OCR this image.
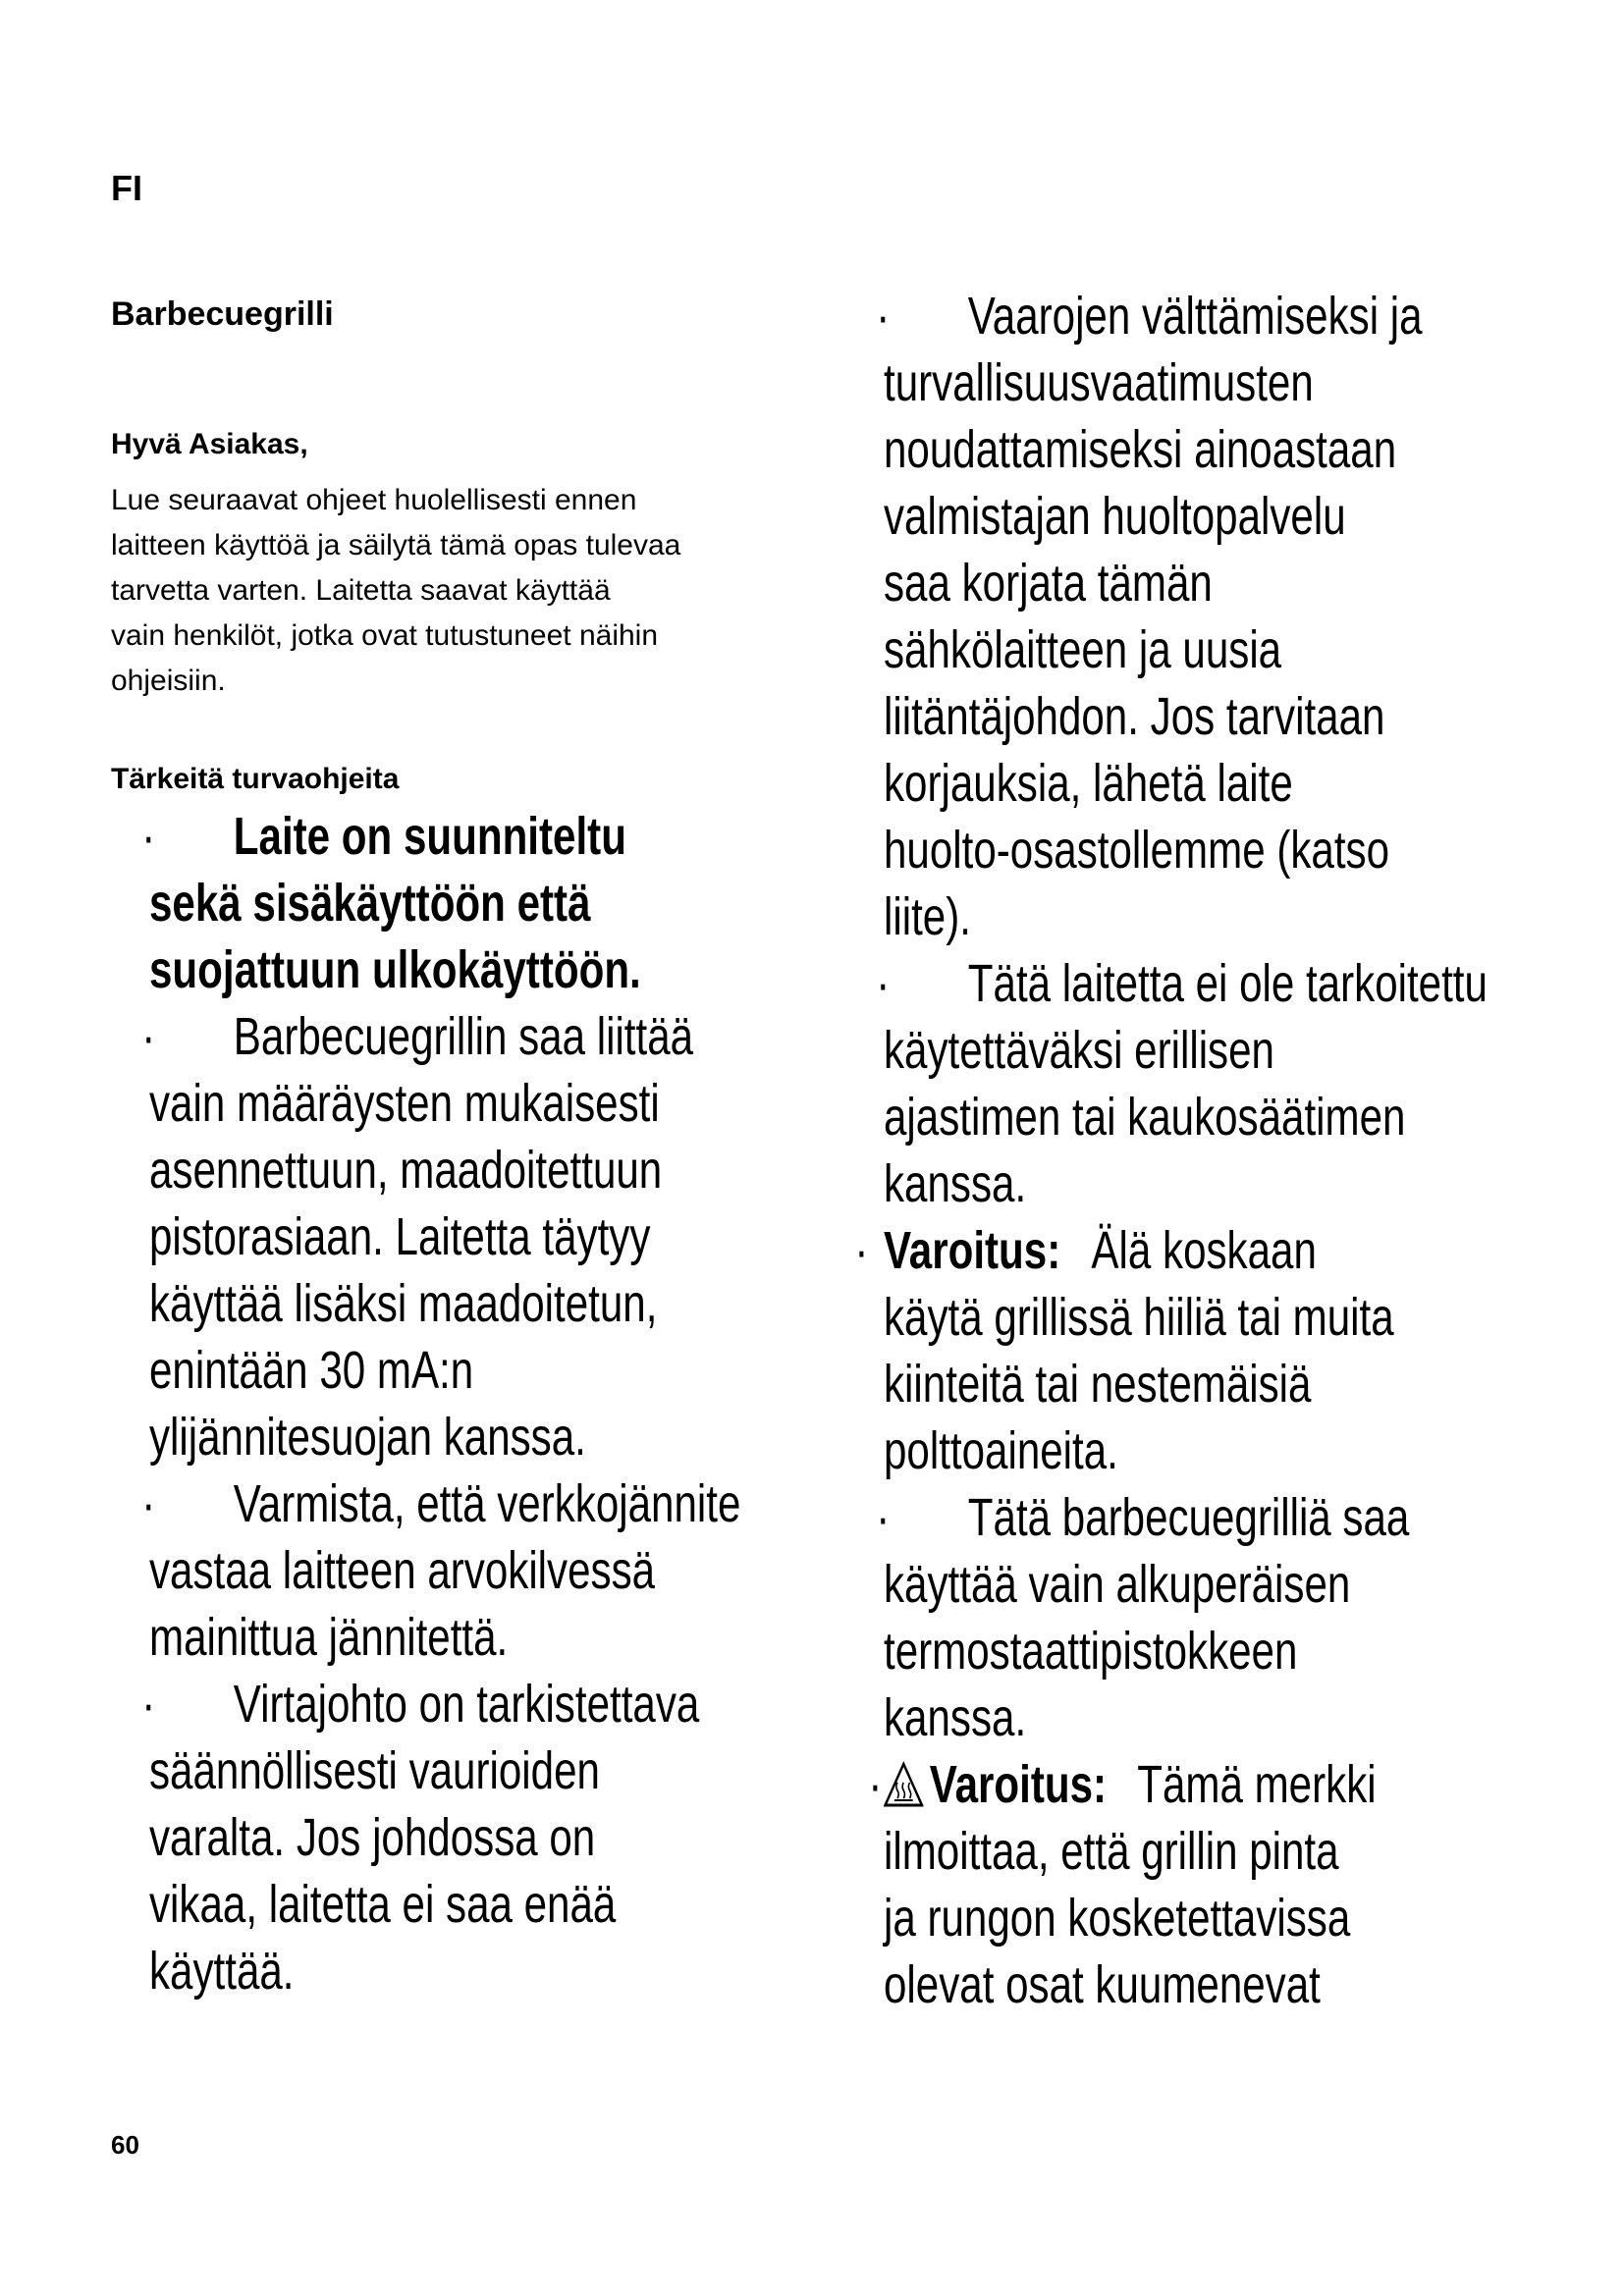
FI
Barbecuegrilli
Hyvä Asiakas,
Lue seuraavat ohjeet huolellisesti ennen
laitteen käyttöä ja säilytä tämä opas tulevaa
tarvetta varten. Laitetta saavat käyttää
vain henkilöt, jotka ovat tutustuneet näihin
ohjeisiin.
Tärkeitä turvaohjeita
·	Laite on suunniteltu
sekä sisäkäyttöön että
suojattuun ulkokäyttöön.
·	Barbecuegrillin saa liittää
vain määräysten mukaisesti
asennettuun, maadoitettuun
pistorasiaan. Laitetta täytyy
käyttää lisäksi maadoitetun,
enintään 30 mA:n
ylijännitesuojan kanssa.
·	Varmista, että verkkojännite
vastaa laitteen arvokilvessä
mainittua jännitettä.
·	Virtajohto on tarkistettava
säännöllisesti vaurioiden
varalta. Jos johdossa on
vikaa, laitetta ei saa enää
käyttää.
·	Vaarojen välttämiseksi ja
turvallisuusvaatimusten
noudattamiseksi ainoastaan
valmistajan huoltopalvelu
saa korjata tämän
sähkölaitteen ja uusia
liitäntäjohdon. Jos tarvitaan
korjauksia, lähetä laite
huolto-osastollemme (katso
liite).
·	Tätä laitetta ei ole tarkoitettu
käytettäväksi erillisen
ajastimen tai kaukosäätimen
kanssa.
· Varoitus: Älä koskaan
käytä grillissä hiiliä tai muita
kiinteitä tai nestemäisiä
polttoaineita.
·	Tätä barbecuegrilliä saa
käyttää vain alkuperäisen
termostaattipistokkeen
kanssa.
· Varoitus: Tämä merkki
ilmoittaa, että grillin pinta
ja rungon kosketettavissa
olevat osat kuumenevat
60
